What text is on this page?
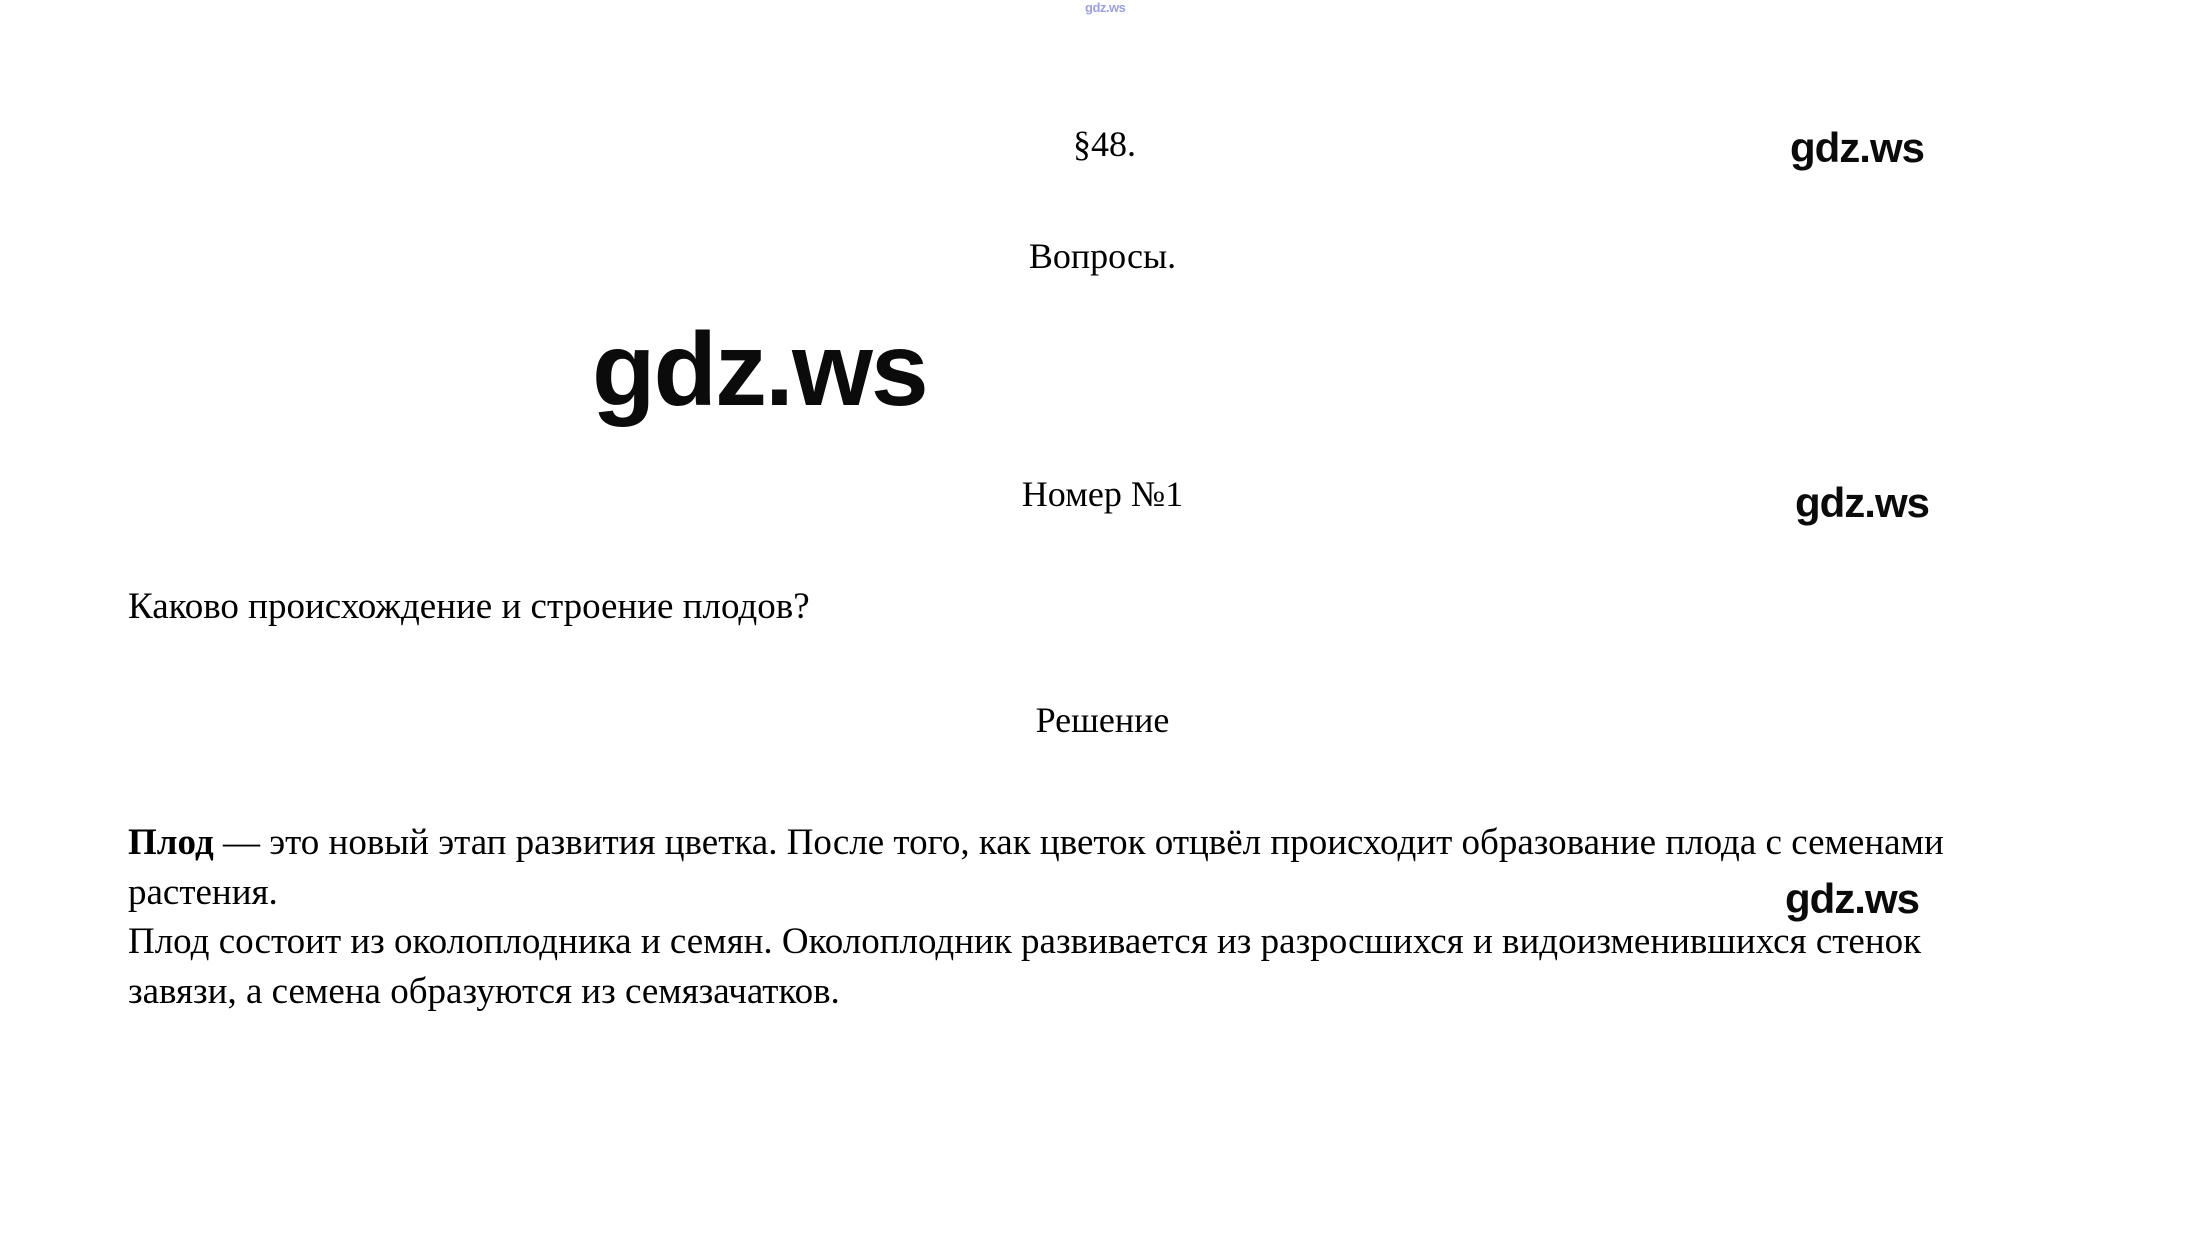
gdz.ws
§48.	gdz.ws
Вопросы.
gdz.ws
Номер №1	gdz.ws
Каково происхождение и строение плодов?
Решение

Плод — это новый этап развития цветка. После того, как цветок отцвёл происходит образование плода с семенами растения.

Плод состоит из околоплодника и семян. Околоплодник развивается из разросшихся и видоизменившихся стенок завязи, а семена образуются из семязачатков.

gdz.ws
